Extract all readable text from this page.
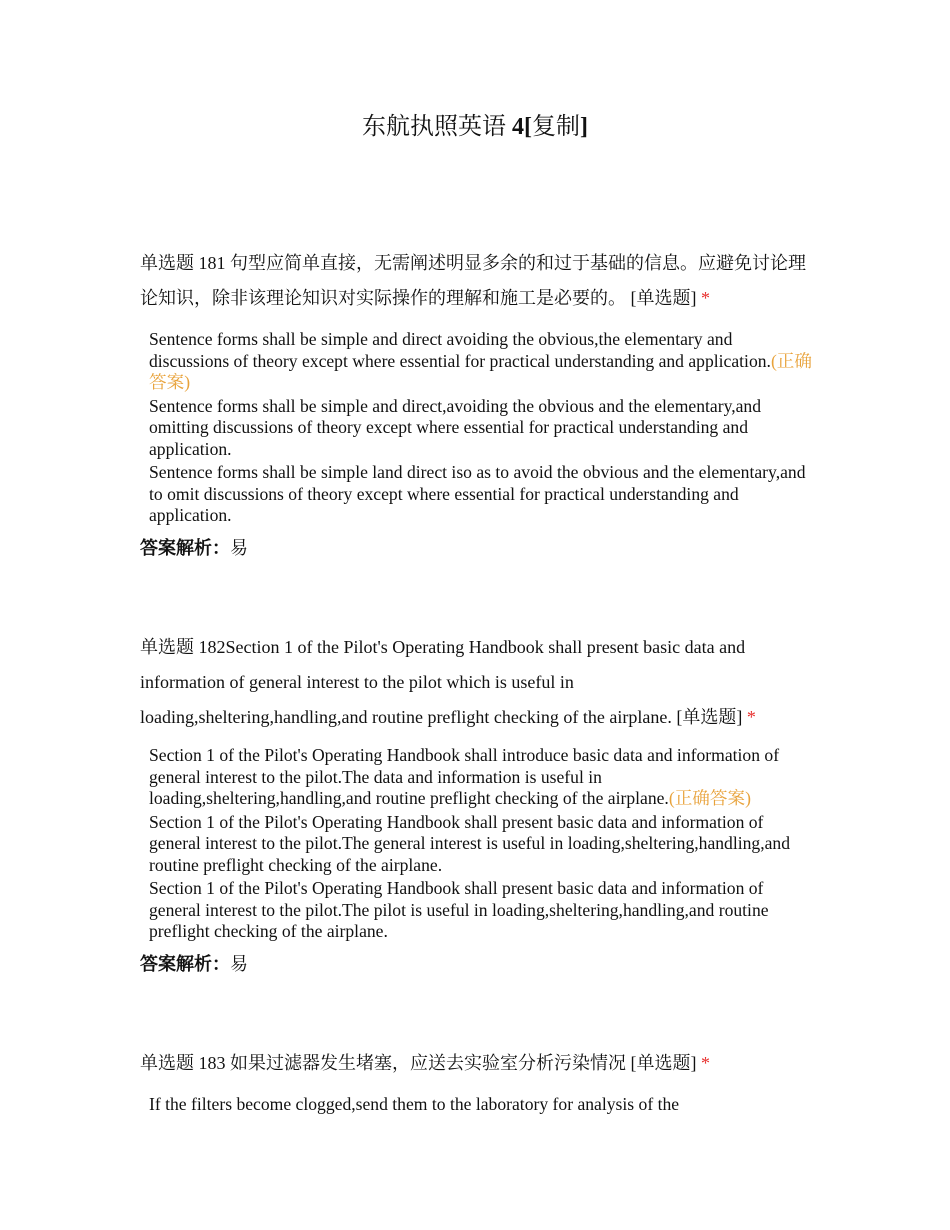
东航执照英语 4[复制]
单选题 181 句型应简单直接，无需阐述明显多余的和过于基础的信息。应避免讨论理论知识，除非该理论知识对实际操作的理解和施工是必要的。 [单选题] *
Sentence forms shall be simple and direct avoiding the obvious,the elementary and discussions of theory except where essential for practical understanding and application.(正确答案)
Sentence forms shall be simple and direct,avoiding the obvious and the elementary,and omitting discussions of theory except where essential for practical understanding and application.
Sentence forms shall be simple land direct iso as to avoid the obvious and the elementary,and to omit discussions of theory except where essential for practical understanding and application.
答案解析：易
单选题 182Section 1 of the Pilot's Operating Handbook shall present basic data and information of general interest to the pilot which is useful in loading,sheltering,handling,and routine preflight checking of the airplane. [单选题] *
Section 1 of the Pilot's Operating Handbook shall introduce basic data and information of general interest to the pilot.The data and information is useful in loading,sheltering,handling,and routine preflight checking of the airplane.(正确答案)
Section 1 of the Pilot's Operating Handbook shall present basic data and information of general interest to the pilot.The general interest is useful in loading,sheltering,handling,and routine preflight checking of the airplane.
Section 1 of the Pilot's Operating Handbook shall present basic data and information of general interest to the pilot.The pilot is useful in loading,sheltering,handling,and routine preflight checking of the airplane.
答案解析：易
单选题 183 如果过滤器发生堵塞，应送去实验室分析污染情况 [单选题] *
If the filters become clogged,send them to the laboratory for analysis of the
